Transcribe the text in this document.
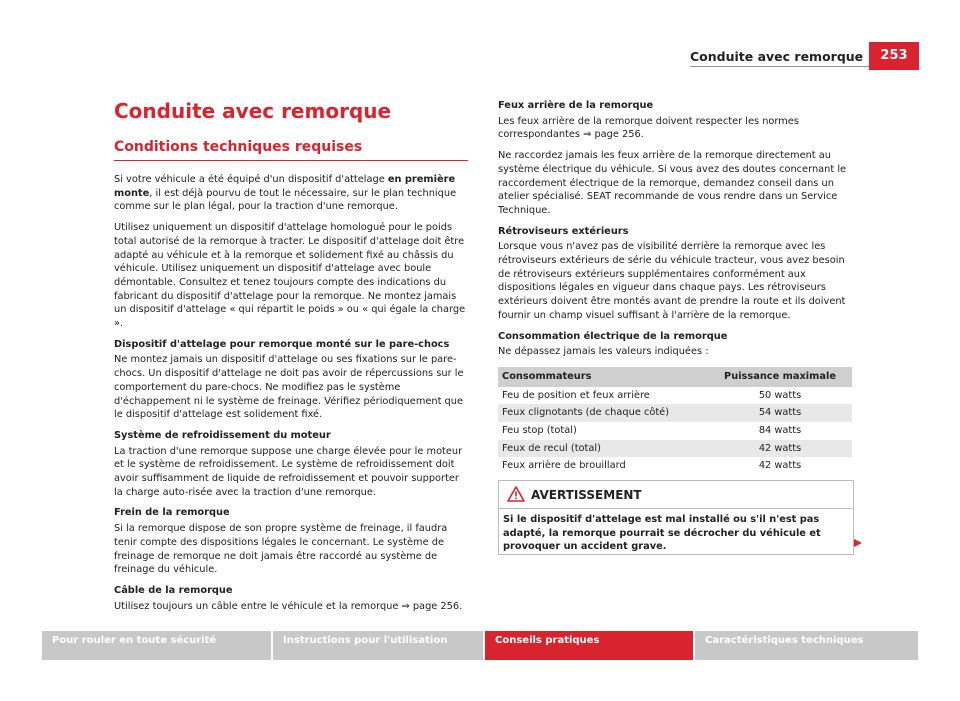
Conduite avec remorque	253
Conduite avec remorque
Conditions techniques requises

Si votre véhicule a été équipé d'un dispositif d'attelage en première monte, il est déjà pourvu de tout le nécessaire, sur le plan technique comme sur le plan légal, pour la traction d'une remorque.

Utilisez uniquement un dispositif d'attelage homologué pour le poids total autorisé de la remorque à tracter. Le dispositif d'attelage doit être adapté au véhicule et à la remorque et solidement fixé au châssis du véhicule. Utilisez uniquement un dispositif d'attelage avec boule démontable. Consultez et tenez toujours compte des indications du fabricant du dispositif d'attelage pour la remorque. Ne montez jamais un dispositif d'attelage « qui répartit le poids » ou « qui égale la charge ».

Dispositif d'attelage pour remorque monté sur le pare-chocs

Ne montez jamais un dispositif d'attelage ou ses fixations sur le pare-chocs. Un dispositif d'attelage ne doit pas avoir de répercussions sur le comportement du pare-chocs. Ne modifiez pas le système d'échappement ni le système de freinage. Vérifiez périodiquement que le dispositif d'attelage est solidement fixé.

Système de refroidissement du moteur

La traction d'une remorque suppose une charge élevée pour le moteur et le système de refroidissement. Le système de refroidissement doit avoir suffisamment de liquide de refroidissement et pouvoir supporter la charge auto-risée avec la traction d'une remorque.

Frein de la remorque

Si la remorque dispose de son propre système de freinage, il faudra tenir compte des dispositions légales le concernant. Le système de freinage de remorque ne doit jamais être raccordé au système de freinage du véhicule.

Câble de la remorque

Utilisez toujours un câble entre le véhicule et la remorque ⇒ page 256.

Feux arrière de la remorque

Les feux arrière de la remorque doivent respecter les normes correspondantes ⇒ page 256.

Ne raccordez jamais les feux arrière de la remorque directement au système électrique du véhicule. Si vous avez des doutes concernant le raccordement électrique de la remorque, demandez conseil dans un atelier spécialisé. SEAT recommande de vous rendre dans un Service Technique.

Rétroviseurs extérieurs

Lorsque vous n'avez pas de visibilité derrière la remorque avec les rétroviseurs extérieurs de série du véhicule tracteur, vous avez besoin de rétroviseurs extérieurs supplémentaires conformément aux dispositions légales en vigueur dans chaque pays. Les rétroviseurs extérieurs doivent être montés avant de prendre la route et ils doivent fournir un champ visuel suffisant à l'arrière de la remorque.

Consommation électrique de la remorque

Ne dépassez jamais les valeurs indiquées :

Consommateurs	Puissance maximale
Feu de position et feux arrière	50 watts
Feux clignotants (de chaque côté)	54 watts
Feu stop (total)	84 watts
Feux de recul (total)	42 watts
Feux arrière de brouillard	42 watts
AVERTISSEMENT
Si le dispositif d'attelage est mal installé ou s'il n'est pas adapté, la remorque pourrait se décrocher du véhicule et provoquer un accident grave.
Pour rouler en toute sécurité	Instructions pour l'utilisation	Conseils pratiques	Caractéristiques techniques
